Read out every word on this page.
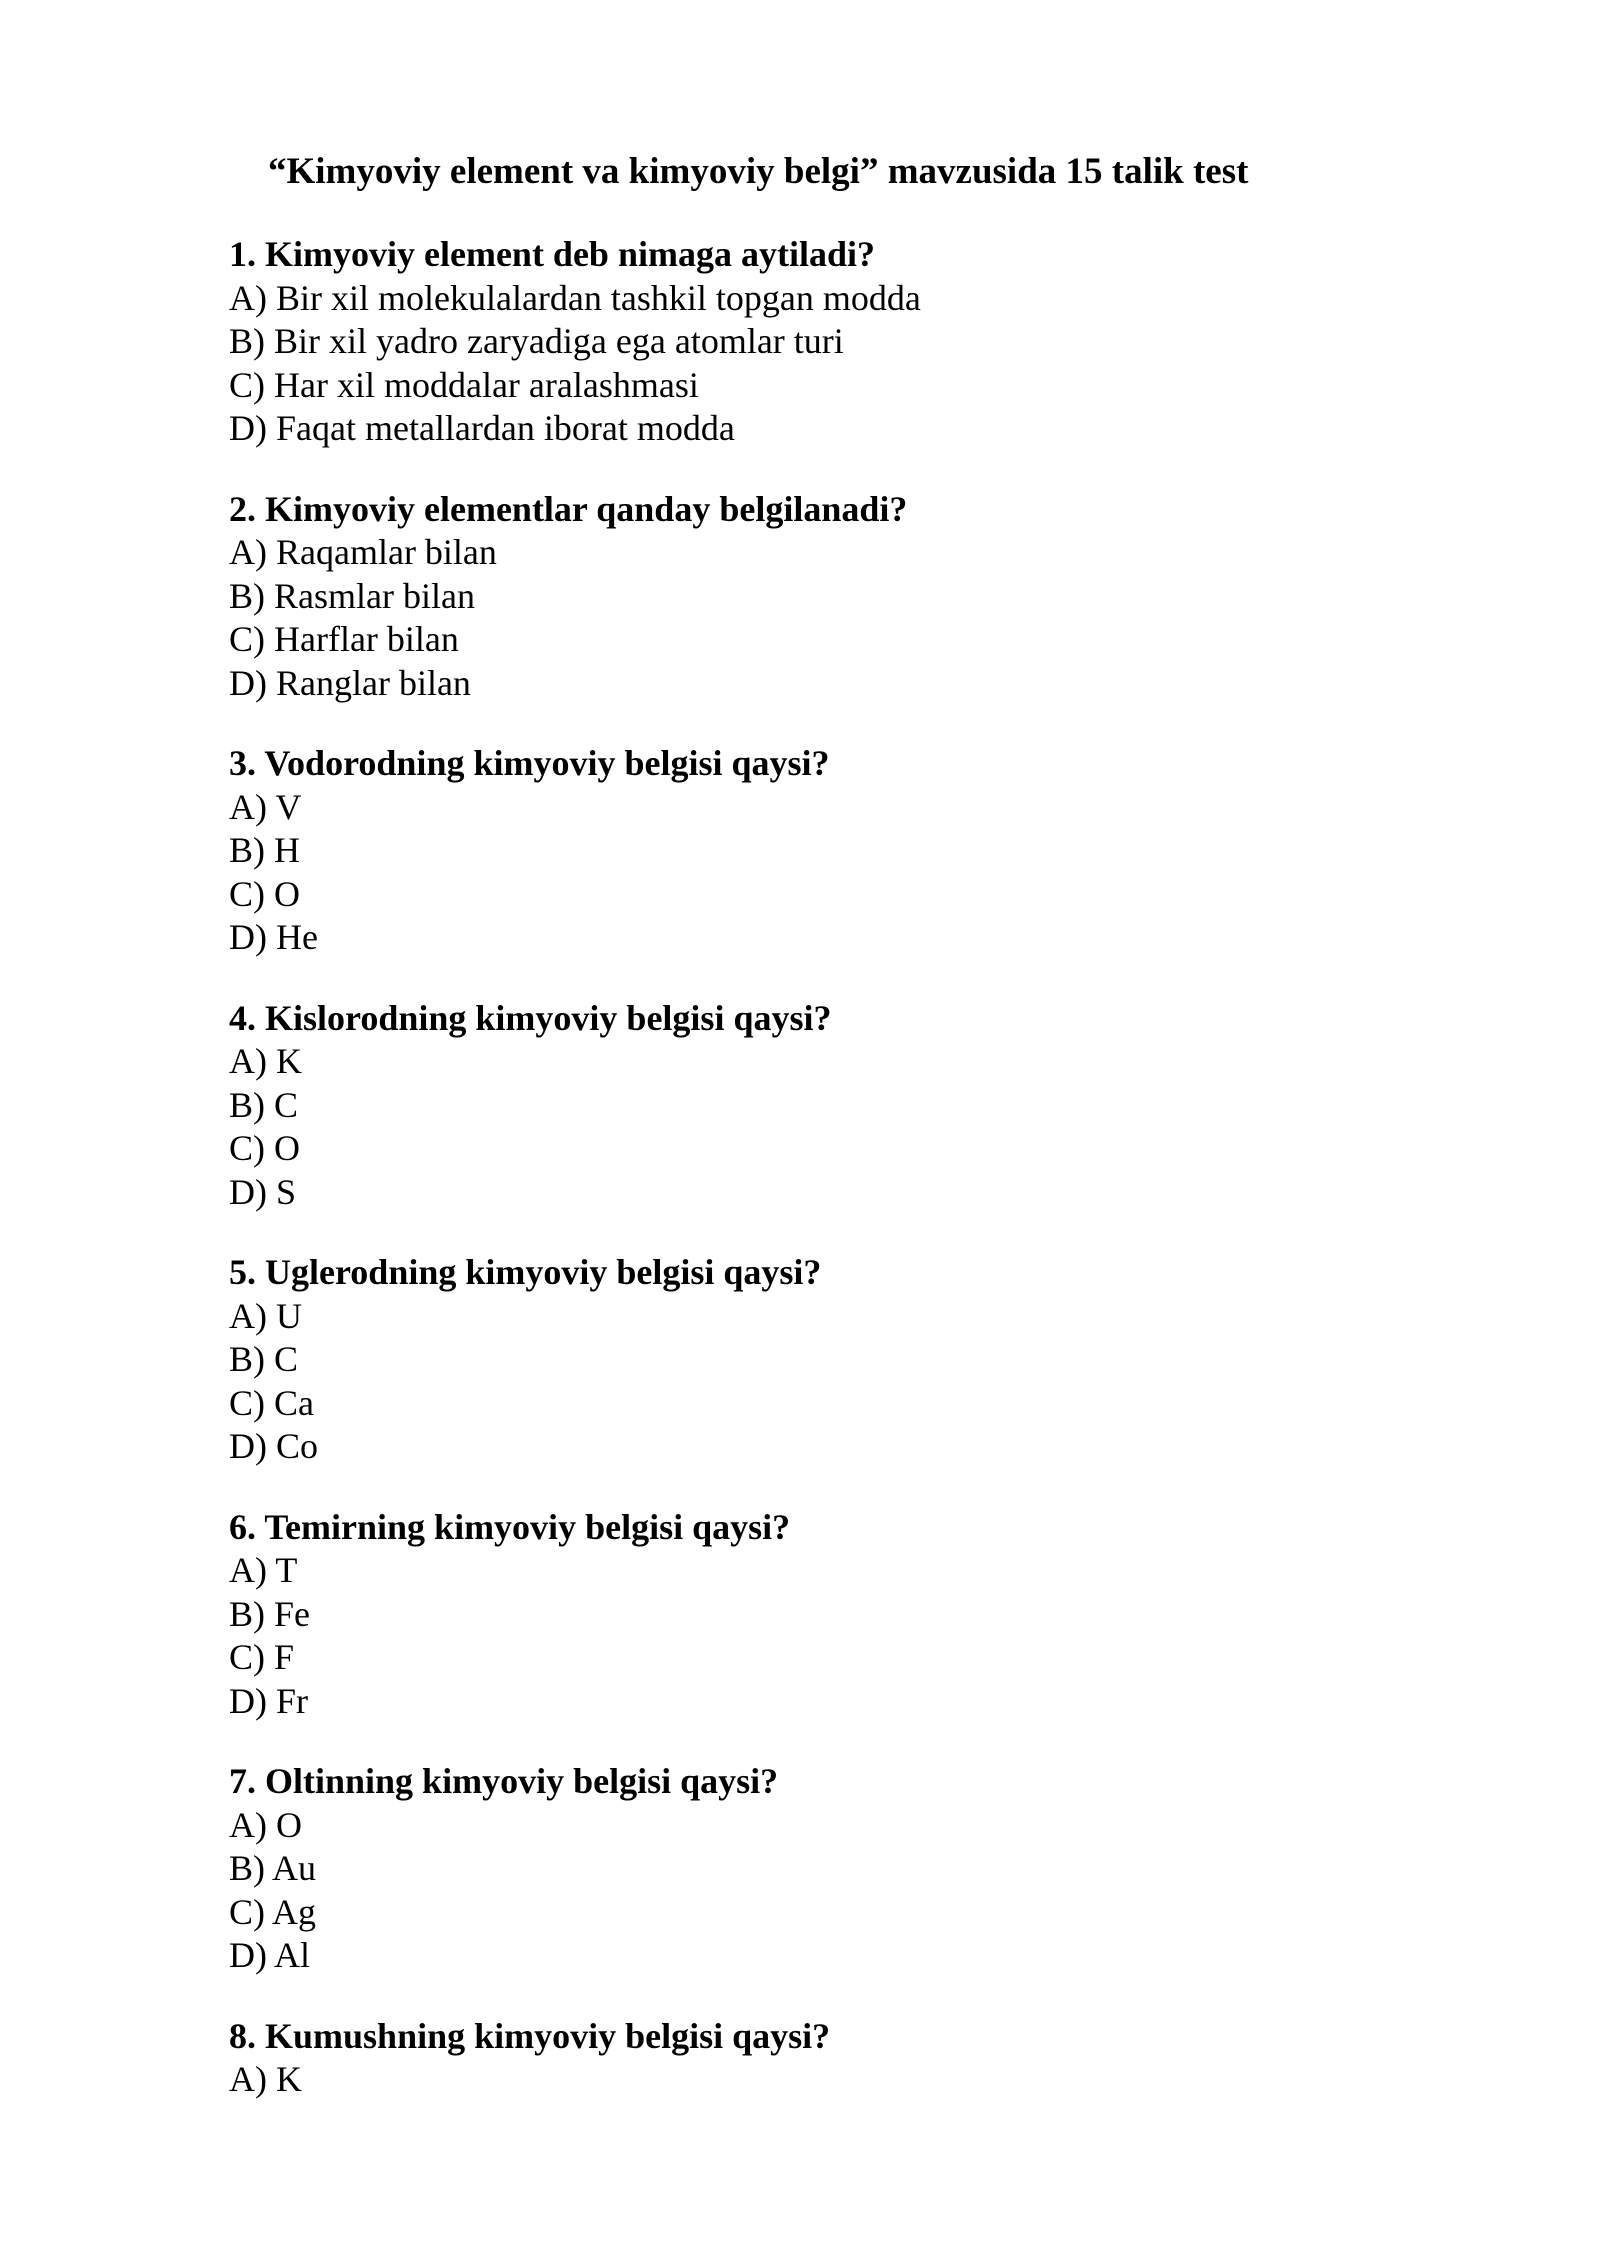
“Kimyoviy element va kimyoviy belgi” mavzusida 15 talik test

1. Kimyoviy element deb nimaga aytiladi?

A) Bir xil molekulalardan tashkil topgan modda
B) Bir xil yadro zaryadiga ega atomlar turi
C) Har xil moddalar aralashmasi
D) Faqat metallardan iborat modda

2. Kimyoviy elementlar qanday belgilanadi?

A) Raqamlar bilan
B) Rasmlar bilan
C) Harflar bilan
D) Ranglar bilan

3. Vodorodning kimyoviy belgisi qaysi?

A) V
B) H
C) O
D) He

4. Kislorodning kimyoviy belgisi qaysi?

A) K
B) C
C) O
D) S

5. Uglerodning kimyoviy belgisi qaysi?

A) U
B) C
C) Ca
D) Co

6. Temirning kimyoviy belgisi qaysi?

A) T
B) Fe
C) F
D) Fr

7. Oltinning kimyoviy belgisi qaysi?

A) O
B) Au
C) Ag
D) Al

8. Kumushning kimyoviy belgisi qaysi?

A) K
